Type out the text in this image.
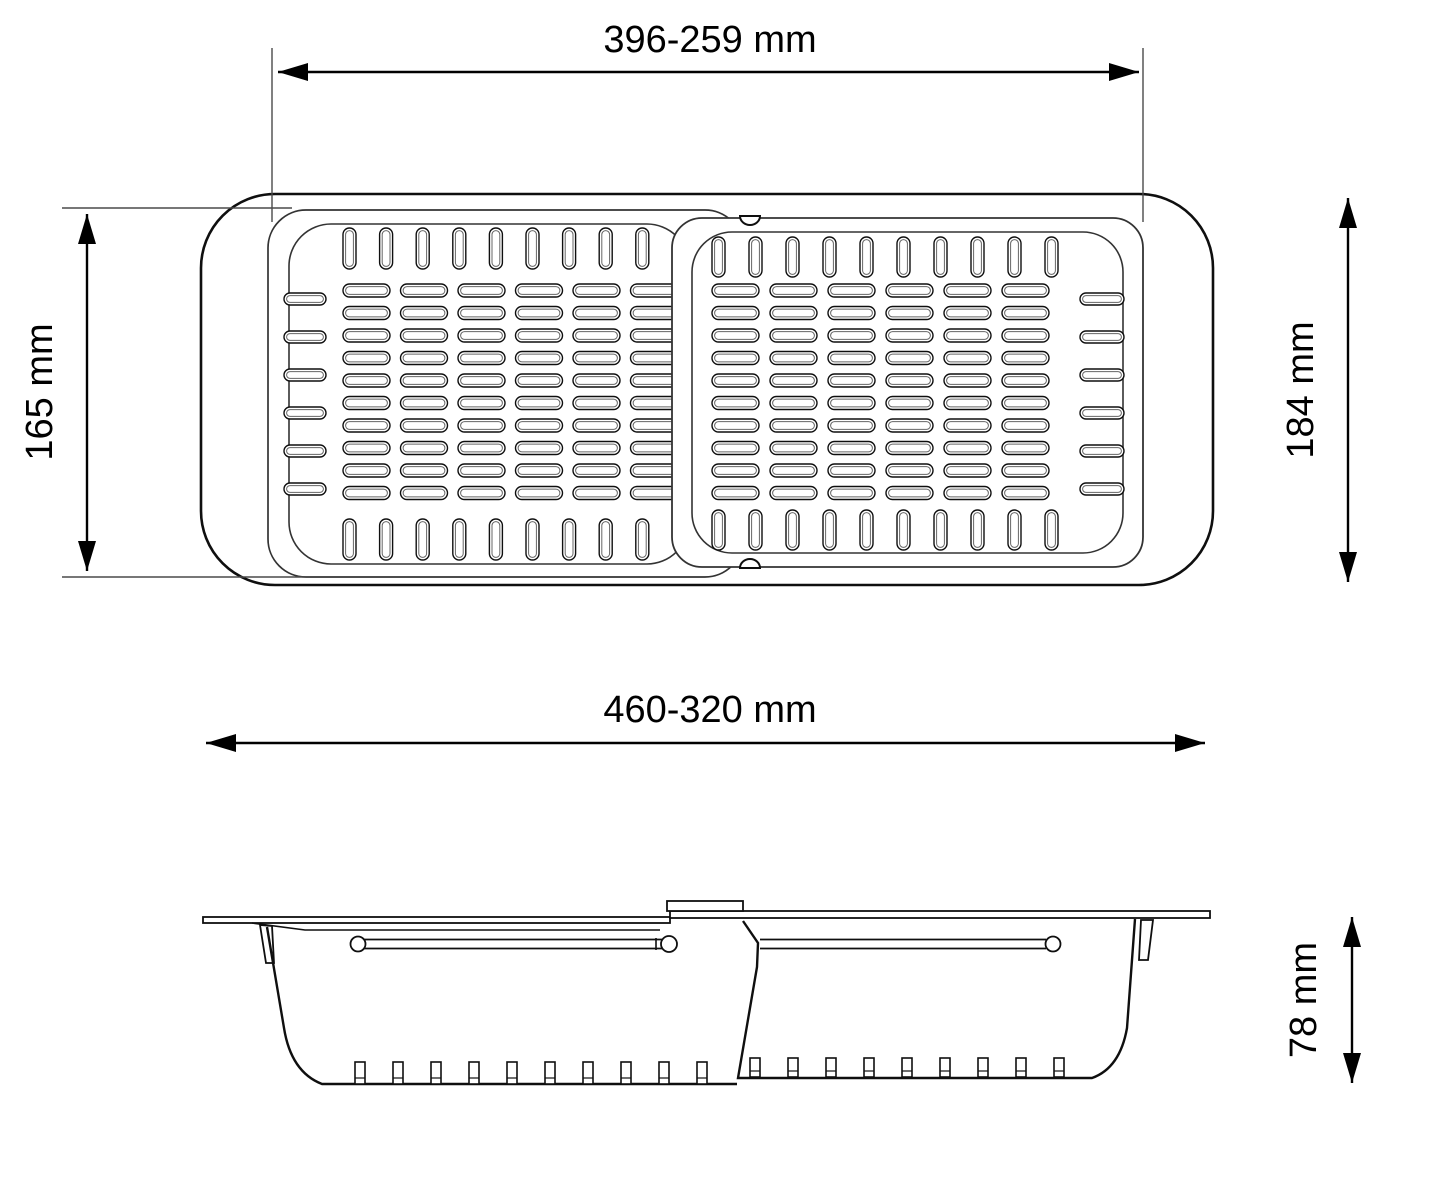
396-259 mm
165 mm	184 mm
460-320 mm
78 mm
